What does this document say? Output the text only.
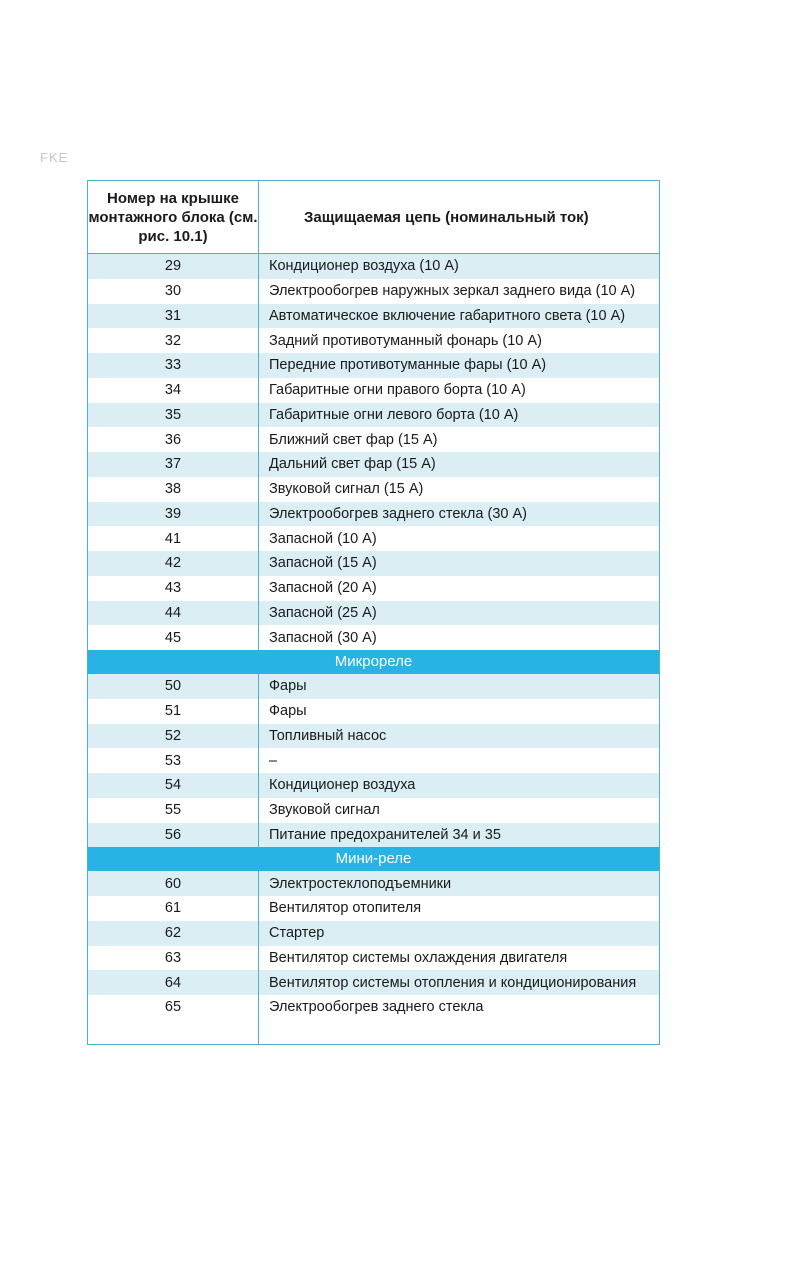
FKE
Номер на крышке монтажного блока (см. рис. 10.1)	Защищаемая цепь (номинальный ток)
29	Кондиционер воздуха (10 А)
30	Электрообогрев наружных зеркал заднего вида (10 А)
31	Автоматическое включение габаритного света (10 А)
32	Задний противотуманный фонарь (10 А)
33	Передние противотуманные фары (10 А)
34	Габаритные огни правого борта (10 А)
35	Габаритные огни левого борта (10 А)
36	Ближний свет фар (15 А)
37	Дальний свет фар (15 А)
38	Звуковой сигнал (15 А)
39	Электрообогрев заднего стекла (30 А)
41	Запасной (10 А)
42	Запасной (15 А)
43	Запасной (20 А)
44	Запасной (25 А)
45	Запасной (30 А)
Микрореле	
50	Фары
51	Фары
52	Топливный насос
53	–
54	Кондиционер воздуха
55	Звуковой сигнал
56	Питание предохранителей 34 и 35
Мини-реле	
60	Электростеклоподъемники
61	Вентилятор отопителя
62	Стартер
63	Вентилятор системы охлаждения двигателя
64	Вентилятор системы отопления и кондиционирования
65	Электрообогрев заднего стекла
